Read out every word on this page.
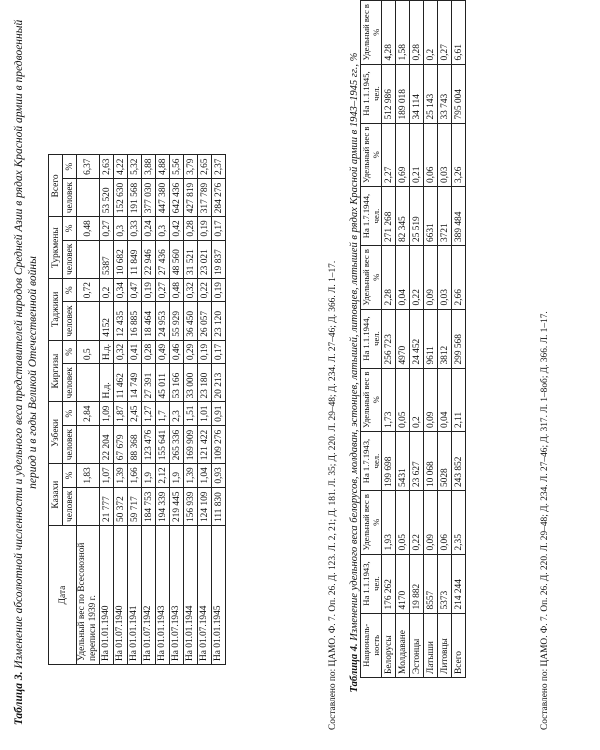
Таблица 3. Изменение абсолютной численности и удельного веса представителей народов Средней Азии в рядах Красной армии в предвоенный период и в годы Великой Отечественной войны
Дата	Казахи		Узбеки		Киргизы		Таджики		Туркмены		Всего	
	человек	%	человек	%	человек	%	человек	%	человек	%	человек	%
Удельный вес по Всесоюзной переписи 1939 г.		1,83		2,84		0,5		0,72		0,48		6,37
На 01.01.1940	21 777	1,07	22 204	1,09	Н.д.	Н.д.	4152	0,2	5387	0,27	53 520	2,63
На 01.07.1940	50 372	1,39	67 679	1,87	11 462	0,32	12 435	0,34	10 682	0,3	152 630	4,22
На 01.01.1941	59 717	1,66	88 368	2,45	14 749	0,41	16 885	0,47	11 849	0,33	191 568	5,32
На 01.07.1942	184 753	1,9	123 476	1,27	27 391	0,28	18 464	0,19	22 946	0,24	377 030	3,88
На 01.01.1943	194 339	2,12	155 641	1,7	45 011	0,49	24 953	0,27	27 436	0,3	447 380	4,88
На 01.07.1943	219 445	1,9	265 336	2,3	53 166	0,46	55 929	0,48	48 560	0,42	642 436	5,56
На 01.01.1944	156 939	1,39	169 909	1,51	33 000	0,29	36 450	0,32	31 521	0,28	427 819	3,79
На 01.07.1944	124 109	1,04	121 422	1,01	23 180	0,19	26 057	0,22	23 021	0,19	317 789	2,65
На 01.01.1945	111 830	0,93	109 276	0,91	20 213	0,17	23 120	0,19	19 837	0,17	284 276	2,37
Составлено по: ЦАМО. Ф. 7. Оп. 26. Д. 123. Л. 2, 21; Д. 181. Л. 35; Д. 220. Л. 29–48; Д. 234. Л. 27–46; Д. 366. Л. 1–17. Таблица 4. Изменение удельного веса белорусов, молдаван, эстонцев, латышей, литовцев, латышей в рядах Красной армии в 1943–1945 гг., %
Националь-ность	На 1.1.1943, чел.	Удельный вес в %	На 1.7.1943, чел.	Удельный вес в %	На 1.1.1944, чел.	Удельный вес в %	На 1.7.1944, чел.	Удельный вес в %	На 1.1.1945, чел.	Удельный вес в %
Белорусы	176 262	1,93	199 698	1,73	256 723	2,28	271 268	2,27	512 986	4,28
Молдаване	4170	0,05	5431	0,05	4970	0,04	82 345	0,69	189 018	1,58
Эстонцы	19 882	0,22	23 627	0,2	24 452	0,22	25 519	0,21	34 114	0,28
Латыши	8557	0,09	10 068	0,09	9611	0,09	6631	0,06	25 143	0,2
Литовцы	5373	0,06	5028	0,04	3812	0,03	3721	0,03	33 743	0,27
Всего	214 244	2,35	243 852	2,11	299 568	2,66	389 484	3,26	795 004	6,61
Составлено по: ЦАМО. Ф. 7. Оп. 26. Д. 220. Л. 29–48; Д. 234. Л. 27–46; Д. 317. Л. 1–8об; Д. 366. Л. 1–17.
